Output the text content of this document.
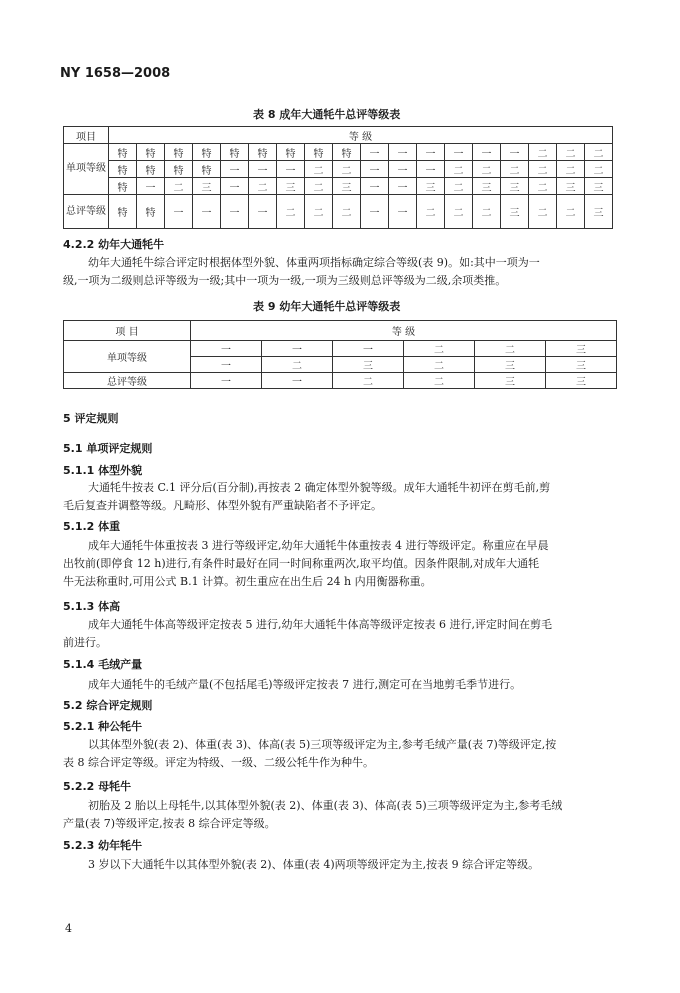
NY 1658—2008
表 8 成年大通牦牛总评等级表
项目	等 级																	
单项等级	特	特	特	特	特	特	特	特	特	一	一	一	一	一	一	二	二	二
	特	特	特	特	一	一	一	二	二	一	一	一	二	二	二	二	二	二
	特	一	二	三	一	二	三	二	三	一	一	三	二	三	三	二	三	三
总评等级	特	特	一	一	一	一	二	二	二	一	一	二	二	二	三	二	二	三
4.2.2 幼年大通牦牛
幼年大通牦牛综合评定时根据体型外貌、体重两项指标确定综合等级(表 9)。如:其中一项为一
级,一项为二级则总评等级为一级;其中一项为一级,一项为三级则总评等级为二级,余项类推。
表 9 幼年大通牦牛总评等级表
项 目	等 级					
单项等级	一	一	一	二	二	三
	一	二	三	二	三	三
总评等级	一	一	二	二	三	三
5 评定规则
5.1 单项评定规则
5.1.1 体型外貌
大通牦牛按表 C.1 评分后(百分制),再按表 2 确定体型外貌等级。成年大通牦牛初评在剪毛前,剪
毛后复查并调整等级。凡畸形、体型外貌有严重缺陷者不予评定。
5.1.2 体重
成年大通牦牛体重按表 3 进行等级评定,幼年大通牦牛体重按表 4 进行等级评定。称重应在早晨
出牧前(即停食 12 h)进行,有条件时最好在同一时间称重两次,取平均值。因条件限制,对成年大通牦
牛无法称重时,可用公式 B.1 计算。初生重应在出生后 24 h 内用衡器称重。
5.1.3 体高
成年大通牦牛体高等级评定按表 5 进行,幼年大通牦牛体高等级评定按表 6 进行,评定时间在剪毛
前进行。
5.1.4 毛绒产量
成年大通牦牛的毛绒产量(不包括尾毛)等级评定按表 7 进行,测定可在当地剪毛季节进行。
5.2 综合评定规则
5.2.1 种公牦牛
以其体型外貌(表 2)、体重(表 3)、体高(表 5)三项等级评定为主,参考毛绒产量(表 7)等级评定,按
表 8 综合评定等级。评定为特级、一级、二级公牦牛作为种牛。
5.2.2 母牦牛
初胎及 2 胎以上母牦牛,以其体型外貌(表 2)、体重(表 3)、体高(表 5)三项等级评定为主,参考毛绒
产量(表 7)等级评定,按表 8 综合评定等级。
5.2.3 幼年牦牛
3 岁以下大通牦牛以其体型外貌(表 2)、体重(表 4)两项等级评定为主,按表 9 综合评定等级。
4
